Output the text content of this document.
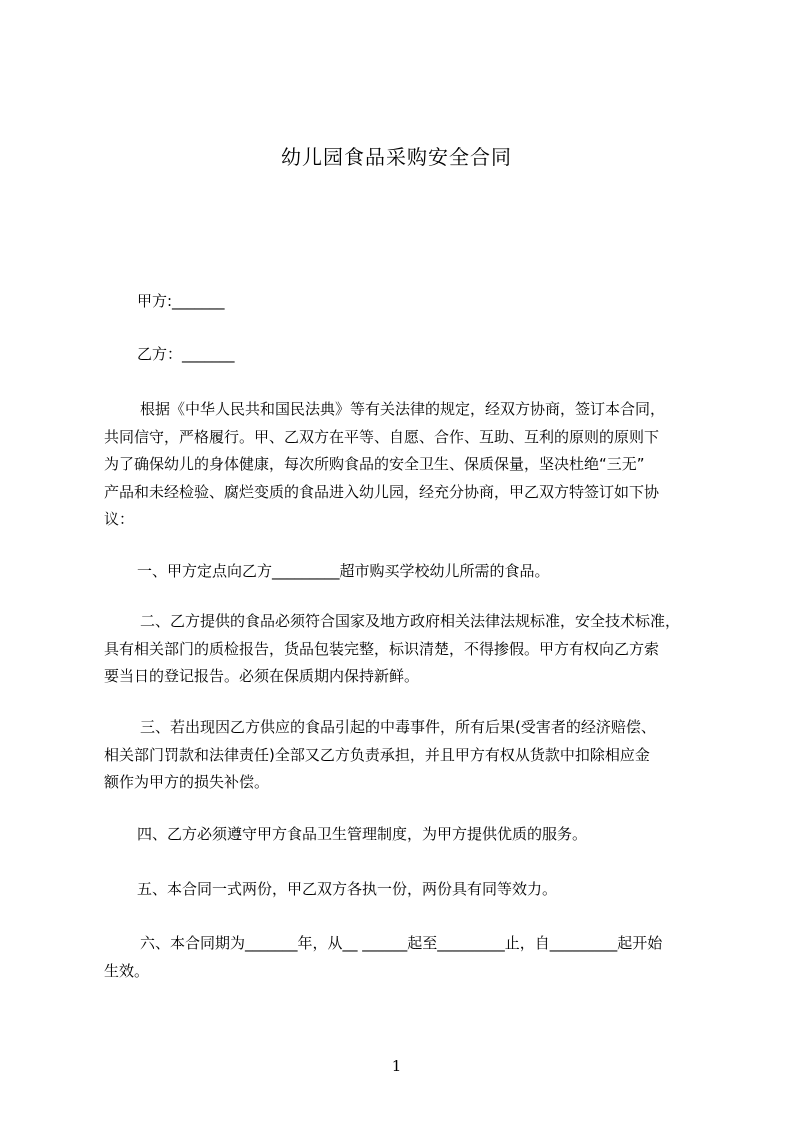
幼儿园食品采购安全合同
甲方:_______
乙方：_______
根据《中华人民共和国民法典》等有关法律的规定，经双方协商，签订本合同，
共同信守，严格履行。甲、乙双方在平等、自愿、合作、互助、互利的原则的原则下
为了确保幼儿的身体健康，每次所购食品的安全卫生、保质保量，坚决杜绝“三无”
产品和未经检验、腐烂变质的食品进入幼儿园，经充分协商，甲乙双方特签订如下协
议：
一、甲方定点向乙方_________超市购买学校幼儿所需的食品。
二、乙方提供的食品必须符合国家及地方政府相关法律法规标准，安全技术标准，
具有相关部门的质检报告，货品包装完整，标识清楚，不得掺假。甲方有权向乙方索
要当日的登记报告。必须在保质期内保持新鲜。
三、若出现因乙方供应的食品引起的中毒事件，所有后果(受害者的经济赔偿、
相关部门罚款和法律责任)全部又乙方负责承担，并且甲方有权从货款中扣除相应金
额作为甲方的损失补偿。
四、乙方必须遵守甲方食品卫生管理制度，为甲方提供优质的服务。
五、本合同一式两份，甲乙双方各执一份，两份具有同等效力。
六、本合同期为_______年，从__ ______起至_________止，自_________起开始
生效。
1
